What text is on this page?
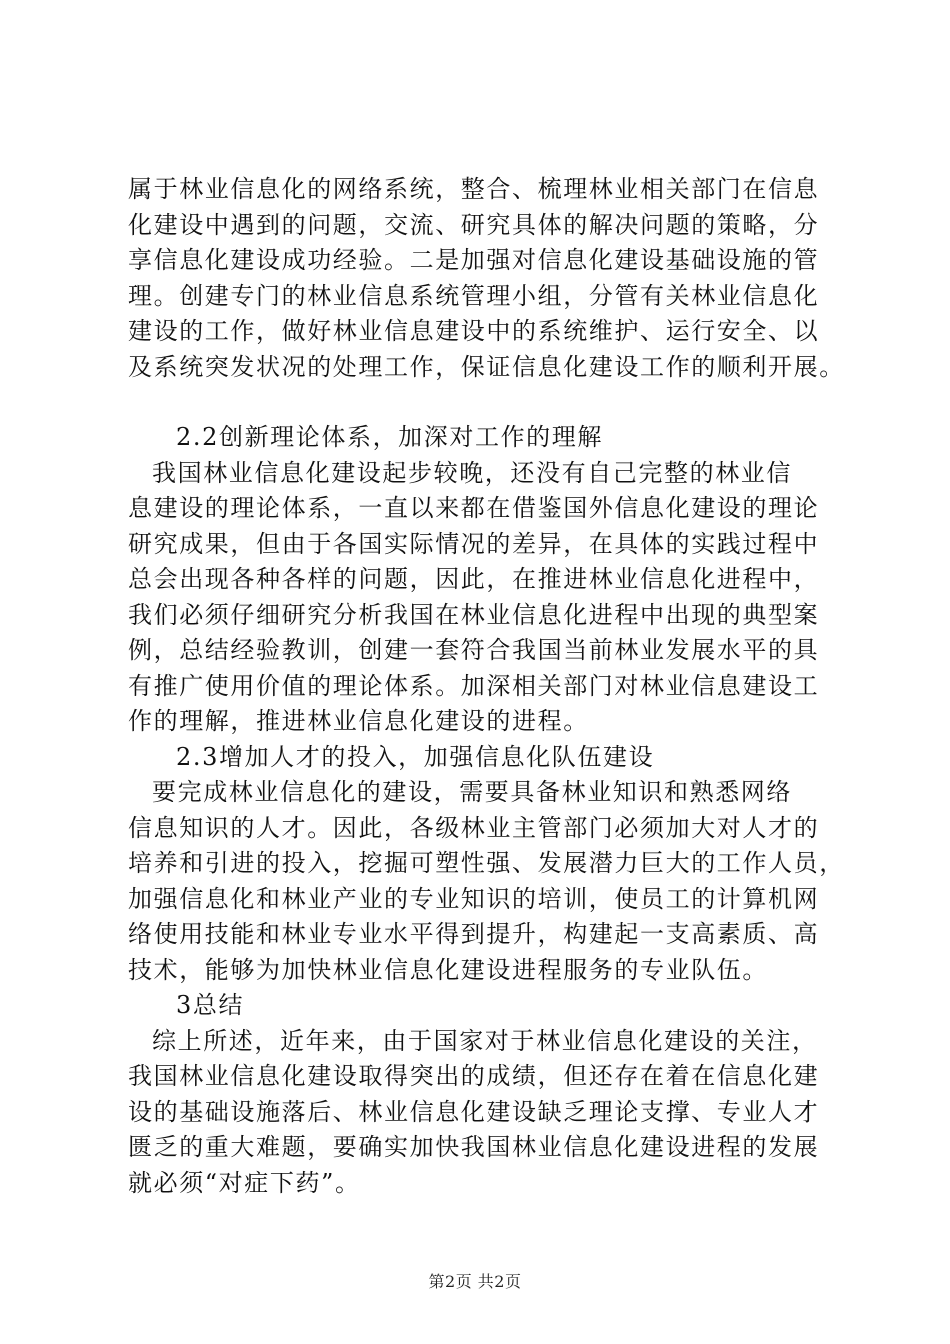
属于林业信息化的网络系统，整合、梳理林业相关部门在信息
化建设中遇到的问题，交流、研究具体的解决问题的策略，分
享信息化建设成功经验。二是加强对信息化建设基础设施的管
理。创建专门的林业信息系统管理小组，分管有关林业信息化
建设的工作，做好林业信息建设中的系统维护、运行安全、以
及系统突发状况的处理工作，保证信息化建设工作的顺利开展。
2.2创新理论体系，加深对工作的理解
我国林业信息化建设起步较晚，还没有自己完整的林业信
息建设的理论体系，一直以来都在借鉴国外信息化建设的理论
研究成果，但由于各国实际情况的差异，在具体的实践过程中
总会出现各种各样的问题，因此，在推进林业信息化进程中，
我们必须仔细研究分析我国在林业信息化进程中出现的典型案
例，总结经验教训，创建一套符合我国当前林业发展水平的具
有推广使用价值的理论体系。加深相关部门对林业信息建设工
作的理解，推进林业信息化建设的进程。
2.3增加人才的投入，加强信息化队伍建设
要完成林业信息化的建设，需要具备林业知识和熟悉网络
信息知识的人才。因此，各级林业主管部门必须加大对人才的
培养和引进的投入，挖掘可塑性强、发展潜力巨大的工作人员，
加强信息化和林业产业的专业知识的培训，使员工的计算机网
络使用技能和林业专业水平得到提升，构建起一支高素质、高
技术，能够为加快林业信息化建设进程服务的专业队伍。
3总结
综上所述，近年来，由于国家对于林业信息化建设的关注，
我国林业信息化建设取得突出的成绩，但还存在着在信息化建
设的基础设施落后、林业信息化建设缺乏理论支撑、专业人才
匮乏的重大难题，要确实加快我国林业信息化建设进程的发展
就必须“对症下药”。
第2页 共2页
